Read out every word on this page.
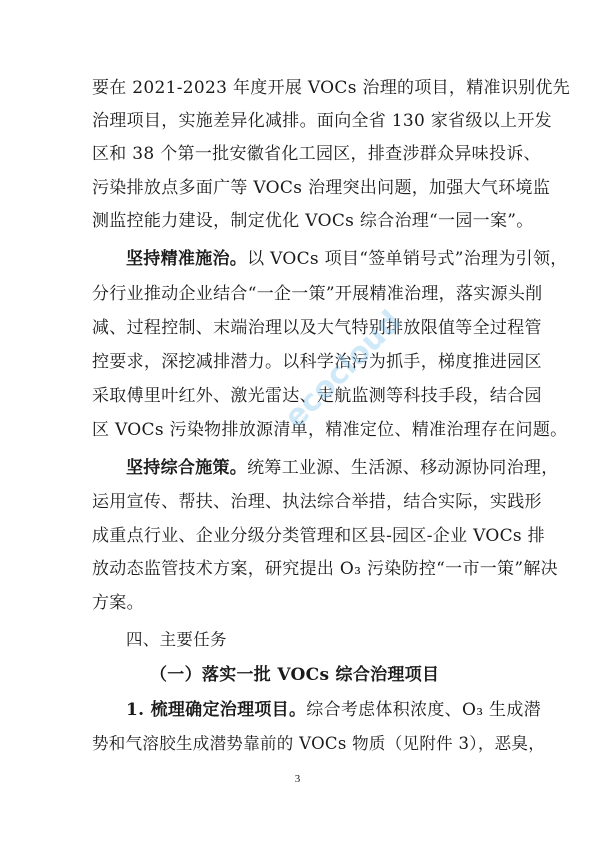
要在 2021-2023 年度开展 VOCs 治理的项目，精准识别优先
治理项目，实施差异化减排。面向全省 130 家省级以上开发
区和 38 个第一批安徽省化工园区，排查涉群众异味投诉、
污染排放点多面广等 VOCs 治理突出问题，加强大气环境监
测监控能力建设，制定优化 VOCs 综合治理“一园一案”。
坚持精准施治。以 VOCs 项目“签单销号式”治理为引领，
分行业推动企业结合“一企一策”开展精准治理，落实源头削
减、过程控制、末端治理以及大气特别排放限值等全过程管
控要求，深挖减排潜力。以科学治污为抓手，梯度推进园区
采取傅里叶红外、激光雷达、走航监测等科技手段，结合园
区 VOCs 污染物排放源清单，精准定位、精准治理存在问题。
坚持综合施策。统筹工业源、生活源、移动源协同治理，
运用宣传、帮扶、治理、执法综合举措，结合实际，实践形
成重点行业、企业分级分类管理和区县-园区-企业 VOCs 排
放动态监管技术方案，研究提出 O₃ 污染防控“一市一策”解决
方案。
四、主要任务
（一）落实一批 VOCs 综合治理项目
1. 梳理确定治理项目。综合考虑体积浓度、O₃ 生成潜
势和气溶胶生成潜势靠前的 VOCs 物质（见附件 3），恶臭，
3
ecocloud
